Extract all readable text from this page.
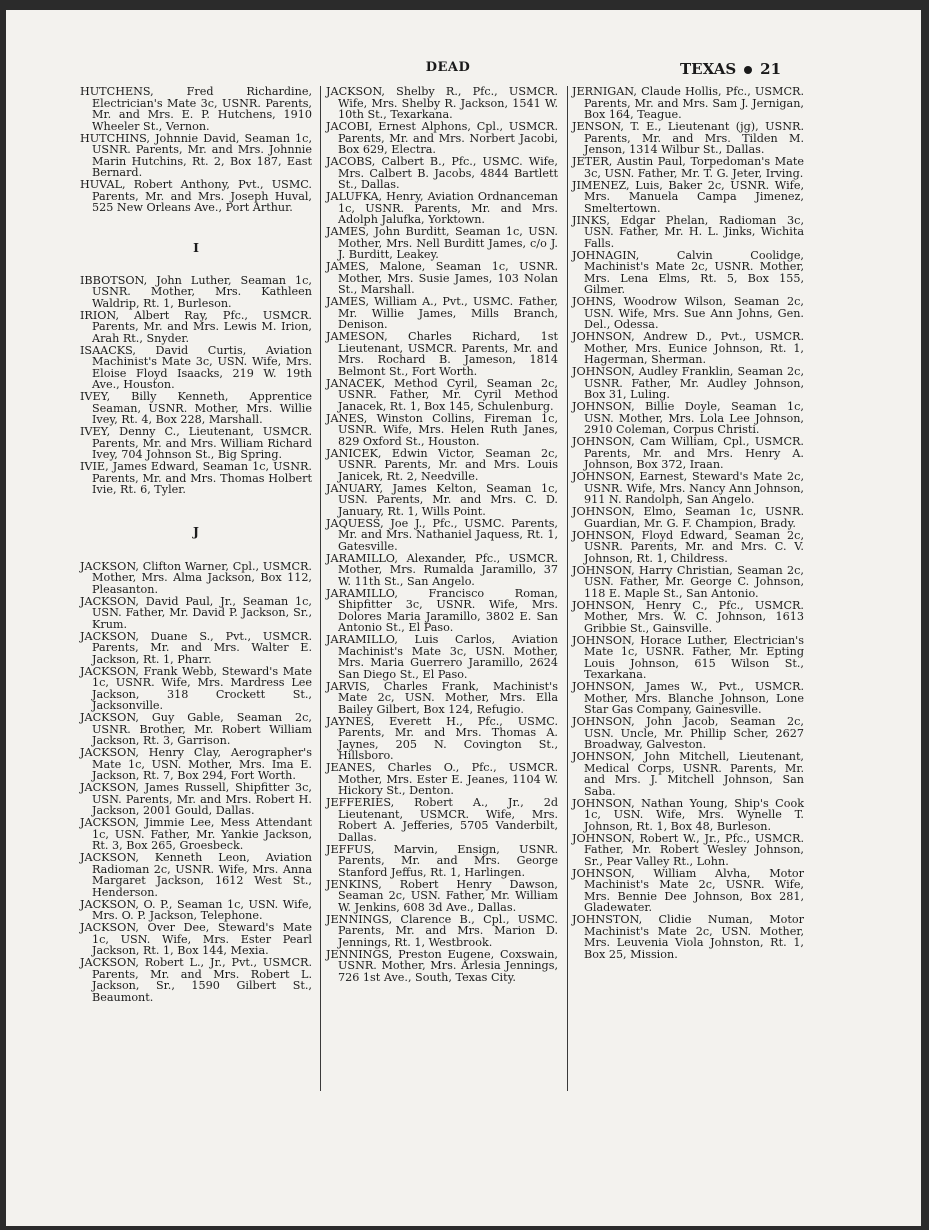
DEAD	TEXAS 21
HUTCHENS, Fred Richardine, Electrician's Mate 3c, USNR. Parents, Mr. and Mrs. E. P. Hutchens, 1910 Wheeler St., Vernon.
HUTCHINS, Johnnie David, Seaman 1c, USNR. Parents, Mr. and Mrs. Johnnie Marin Hutchins, Rt. 2, Box 187, East Bernard.
HUVAL, Robert Anthony, Pvt., USMC. Parents, Mr. and Mrs. Joseph Huval, 525 New Orleans Ave., Port Arthur.
I
IBBOTSON, John Luther, Seaman 1c, USNR. Mother, Mrs. Kathleen Waldrip, Rt. 1, Burleson.
IRION, Albert Ray, Pfc., USMCR. Parents, Mr. and Mrs. Lewis M. Irion, Arah Rt., Snyder.
ISAACKS, David Curtis, Aviation Machinist's Mate 3c, USN. Wife, Mrs. Eloise Floyd Isaacks, 219 W. 19th Ave., Houston.
IVEY, Billy Kenneth, Apprentice Seaman, USNR. Mother, Mrs. Willie Ivey, Rt. 4, Box 228, Marshall.
IVEY, Denny C., Lieutenant, USMCR. Parents, Mr. and Mrs. William Richard Ivey, 704 Johnson St., Big Spring.
IVIE, James Edward, Seaman 1c, USNR. Parents, Mr. and Mrs. Thomas Holbert Ivie, Rt. 6, Tyler.
J
JACKSON, Clifton Warner, Cpl., USMCR. Mother, Mrs. Alma Jackson, Box 112, Pleasanton.
JACKSON, David Paul, Jr., Seaman 1c, USN. Father, Mr. David P. Jackson, Sr., Krum.
JACKSON, Duane S., Pvt., USMCR. Parents, Mr. and Mrs. Walter E. Jackson, Rt. 1, Pharr.
JACKSON, Frank Webb, Steward's Mate 1c, USNR. Wife, Mrs. Mardress Lee Jackson, 318 Crockett St., Jacksonville.
JACKSON, Guy Gable, Seaman 2c, USNR. Brother, Mr. Robert William Jackson, Rt. 3, Garrison.
JACKSON, Henry Clay, Aerographer's Mate 1c, USN. Mother, Mrs. Ima E. Jackson, Rt. 7, Box 294, Fort Worth.
JACKSON, James Russell, Shipfitter 3c, USN. Parents, Mr. and Mrs. Robert H. Jackson, 2001 Gould, Dallas.
JACKSON, Jimmie Lee, Mess Attendant 1c, USN. Father, Mr. Yankie Jackson, Rt. 3, Box 265, Groesbeck.
JACKSON, Kenneth Leon, Aviation Radioman 2c, USNR. Wife, Mrs. Anna Margaret Jackson, 1612 West St., Henderson.
JACKSON, O. P., Seaman 1c, USN. Wife, Mrs. O. P. Jackson, Telephone.
JACKSON, Over Dee, Steward's Mate 1c, USN. Wife, Mrs. Ester Pearl Jackson, Rt. 1, Box 144, Mexia.
JACKSON, Robert L., Jr., Pvt., USMCR. Parents, Mr. and Mrs. Robert L. Jackson, Sr., 1590 Gilbert St., Beaumont.
JACKSON, Shelby R., Pfc., USMCR. Wife, Mrs. Shelby R. Jackson, 1541 W. 10th St., Texarkana.
JACOBI, Ernest Alphons, Cpl., USMCR. Parents, Mr. and Mrs. Norbert Jacobi, Box 629, Electra.
JACOBS, Calbert B., Pfc., USMC. Wife, Mrs. Calbert B. Jacobs, 4844 Bartlett St., Dallas.
JALUFKA, Henry, Aviation Ordnanceman 1c, USNR. Parents, Mr. and Mrs. Adolph Jalufka, Yorktown.
JAMES, John Burditt, Seaman 1c, USN. Mother, Mrs. Nell Burditt James, c/o J. J. Burditt, Leakey.
JAMES, Malone, Seaman 1c, USNR. Mother, Mrs. Susie James, 103 Nolan St., Marshall.
JAMES, William A., Pvt., USMC. Father, Mr. Willie James, Mills Branch, Denison.
JAMESON, Charles Richard, 1st Lieutenant, USMCR. Parents, Mr. and Mrs. Rochard B. Jameson, 1814 Belmont St., Fort Worth.
JANACEK, Method Cyril, Seaman 2c, USNR. Father, Mr. Cyril Method Janacek, Rt. 1, Box 145, Schulenburg.
JANES, Winston Collins, Fireman 1c, USNR. Wife, Mrs. Helen Ruth Janes, 829 Oxford St., Houston.
JANICEK, Edwin Victor, Seaman 2c, USNR. Parents, Mr. and Mrs. Louis Janicek, Rt. 2, Needville.
JANUARY, James Kelton, Seaman 1c, USN. Parents, Mr. and Mrs. C. D. January, Rt. 1, Wills Point.
JAQUESS, Joe J., Pfc., USMC. Parents, Mr. and Mrs. Nathaniel Jaquess, Rt. 1, Gatesville.
JARAMILLO, Alexander, Pfc., USMCR. Mother, Mrs. Rumalda Jaramillo, 37 W. 11th St., San Angelo.
JARAMILLO, Francisco Roman, Shipfitter 3c, USNR. Wife, Mrs. Dolores Maria Jaramillo, 3802 E. San Antonio St., El Paso.
JARAMILLO, Luis Carlos, Aviation Machinist's Mate 3c, USN. Mother, Mrs. Maria Guerrero Jaramillo, 2624 San Diego St., El Paso.
JARVIS, Charles Frank, Machinist's Mate 2c, USN. Mother, Mrs. Ella Bailey Gilbert, Box 124, Refugio.
JAYNES, Everett H., Pfc., USMC. Parents, Mr. and Mrs. Thomas A. Jaynes, 205 N. Covington St., Hillsboro.
JEANES, Charles O., Pfc., USMCR. Mother, Mrs. Ester E. Jeanes, 1104 W. Hickory St., Denton.
JEFFERIES, Robert A., Jr., 2d Lieutenant, USMCR. Wife, Mrs. Robert A. Jefferies, 5705 Vanderbilt, Dallas.
JEFFUS, Marvin, Ensign, USNR. Parents, Mr. and Mrs. George Stanford Jeffus, Rt. 1, Harlingen.
JENKINS, Robert Henry Dawson, Seaman 2c, USN. Father, Mr. William W. Jenkins, 608 3d Ave., Dallas.
JENNINGS, Clarence B., Cpl., USMC. Parents, Mr. and Mrs. Marion D. Jennings, Rt. 1, Westbrook.
JENNINGS, Preston Eugene, Coxswain, USNR. Mother, Mrs. Arlesia Jennings, 726 1st Ave., South, Texas City.
JERNIGAN, Claude Hollis, Pfc., USMCR. Parents, Mr. and Mrs. Sam J. Jernigan, Box 164, Teague.
JENSON, T. E., Lieutenant (jg), USNR. Parents, Mr. and Mrs. Tilden M. Jenson, 1314 Wilbur St., Dallas.
JETER, Austin Paul, Torpedoman's Mate 3c, USN. Father, Mr. T. G. Jeter, Irving.
JIMENEZ, Luis, Baker 2c, USNR. Wife, Mrs. Manuela Campa Jimenez, Smeltertown.
JINKS, Edgar Phelan, Radioman 3c, USN. Father, Mr. H. L. Jinks, Wichita Falls.
JOHNAGIN, Calvin Coolidge, Machinist's Mate 2c, USNR. Mother, Mrs. Lena Elms, Rt. 5, Box 155, Gilmer.
JOHNS, Woodrow Wilson, Seaman 2c, USN. Wife, Mrs. Sue Ann Johns, Gen. Del., Odessa.
JOHNSON, Andrew D., Pvt., USMCR. Mother, Mrs. Eunice Johnson, Rt. 1, Hagerman, Sherman.
JOHNSON, Audley Franklin, Seaman 2c, USNR. Father, Mr. Audley Johnson, Box 31, Luling.
JOHNSON, Billie Doyle, Seaman 1c, USN. Mother, Mrs. Lola Lee Johnson, 2910 Coleman, Corpus Christi.
JOHNSON, Cam William, Cpl., USMCR. Parents, Mr. and Mrs. Henry A. Johnson, Box 372, Iraan.
JOHNSON, Earnest, Steward's Mate 2c, USNR. Wife, Mrs. Nancy Ann Johnson, 911 N. Randolph, San Angelo.
JOHNSON, Elmo, Seaman 1c, USNR. Guardian, Mr. G. F. Champion, Brady.
JOHNSON, Floyd Edward, Seaman 2c, USNR. Parents, Mr. and Mrs. C. V. Johnson, Rt. 1, Childress.
JOHNSON, Harry Christian, Seaman 2c, USN. Father, Mr. George C. Johnson, 118 E. Maple St., San Antonio.
JOHNSON, Henry C., Pfc., USMCR. Mother, Mrs. W. C. Johnson, 1613 Gribbie St., Gainsville.
JOHNSON, Horace Luther, Electrician's Mate 1c, USNR. Father, Mr. Epting Louis Johnson, 615 Wilson St., Texarkana.
JOHNSON, James W., Pvt., USMCR. Mother, Mrs. Blanche Johnson, Lone Star Gas Company, Gainesville.
JOHNSON, John Jacob, Seaman 2c, USN. Uncle, Mr. Phillip Scher, 2627 Broadway, Galveston.
JOHNSON, John Mitchell, Lieutenant, Medical Corps, USNR. Parents, Mr. and Mrs. J. Mitchell Johnson, San Saba.
JOHNSON, Nathan Young, Ship's Cook 1c, USN. Wife, Mrs. Wynelle T. Johnson, Rt. 1, Box 48, Burleson.
JOHNSON, Robert W., Jr., Pfc., USMCR. Father, Mr. Robert Wesley Johnson, Sr., Pear Valley Rt., Lohn.
JOHNSON, William Alvha, Motor Machinist's Mate 2c, USNR. Wife, Mrs. Bennie Dee Johnson, Box 281, Gladewater.
JOHNSTON, Clidie Numan, Motor Machinist's Mate 2c, USN. Mother, Mrs. Leuvenia Viola Johnston, Rt. 1, Box 25, Mission.
